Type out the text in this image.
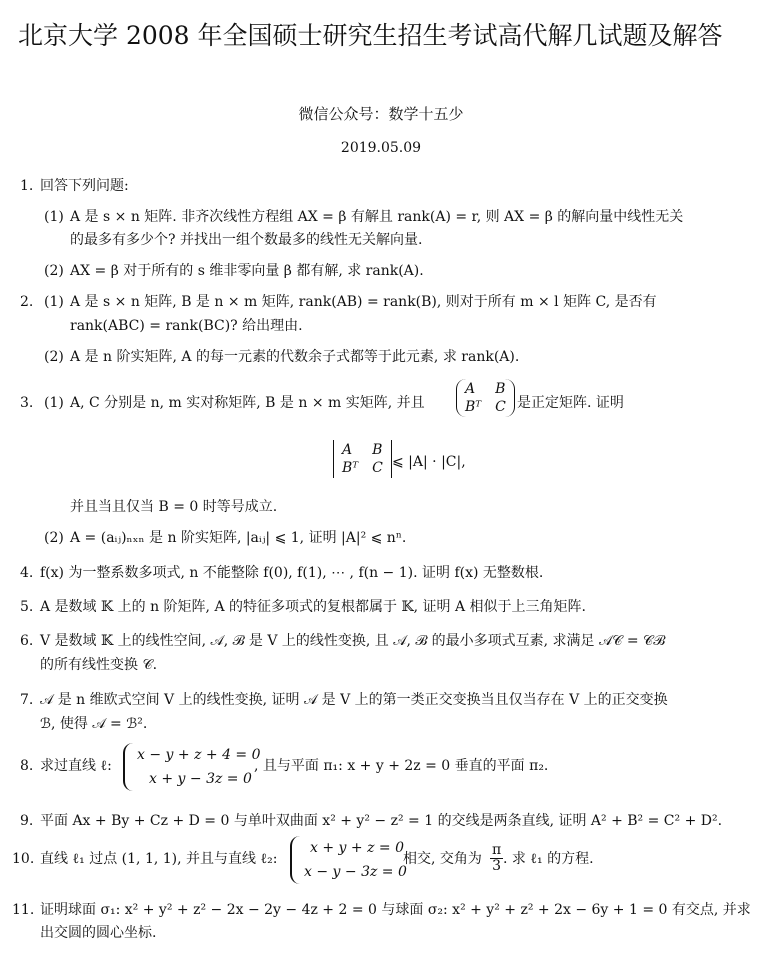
北京大学 2008 年全国硕士研究生招生考试高代解几试题及解答
微信公众号：数学十五少
2019.05.09
1. 回答下列问题:
(1) A 是 s × n 矩阵. 非齐次线性方程组 AX = β 有解且 rank(A) = r, 则 AX = β 的解向量中线性无关
的最多有多少个? 并找出一组个数最多的线性无关解向量.
(2) AX = β 对于所有的 s 维非零向量 β 都有解, 求 rank(A).
2. (1) A 是 s × n 矩阵, B 是 n × m 矩阵, rank(AB) = rank(B), 则对于所有 m × l 矩阵 C, 是否有
rank(ABC) = rank(BC)? 给出理由.
(2) A 是 n 阶实矩阵, A 的每一元素的代数余子式都等于此元素, 求 rank(A).
3. (1) A, C 分别是 n, m 实对称矩阵, B 是 n × m 实矩阵, 并且
A	B
Bᵀ C 是正定矩阵. 证明
A	B
Bᵀ C ⩽ |A| · |C|,
并且当且仅当 B = 0 时等号成立.
(2) A = (aᵢⱼ)ₙₓₙ 是 n 阶实矩阵, |aᵢⱼ| ⩽ 1, 证明 |A|² ⩽ nⁿ.
4. f(x) 为一整系数多项式, n 不能整除 f(0), f(1), ⋯ , f(n − 1). 证明 f(x) 无整数根.
5. A 是数域 𝕂 上的 n 阶矩阵, A 的特征多项式的复根都属于 𝕂, 证明 A 相似于上三角矩阵.
6. V 是数域 𝕂 上的线性空间, 𝒜, ℬ 是 V 上的线性变换, 且 𝒜, ℬ 的最小多项式互素, 求满足 𝒜𝒞 = 𝒞ℬ
的所有线性变换 𝒞.
7. 𝒜 是 n 维欧式空间 V 上的线性变换, 证明 𝒜 是 V 上的第一类正交变换当且仅当存在 V 上的正交变换
ℬ, 使得 𝒜 = ℬ².
8. 求过直线 ℓ:
x − y + z + 4 = 0
x + y − 3z = 0
, 且与平面 π₁: x + y + 2z = 0 垂直的平面 π₂.
9. 平面 Ax + By + Cz + D = 0 与单叶双曲面 x² + y² − z² = 1 的交线是两条直线, 证明 A² + B² = C² + D².
10. 直线 ℓ₁ 过点 (1, 1, 1), 并且与直线 ℓ₂:
x + y + z = 0
x − y − 3z = 0
相交, 交角为 $\frac{\pi}{3}$ . 求 ℓ₁ 的方程.
11. 证明球面 σ₁: x² + y² + z² − 2x − 2y − 4z + 2 = 0 与球面 σ₂: x² + y² + z² + 2x − 6y + 1 = 0 有交点, 并求
出交圆的圆心坐标.
